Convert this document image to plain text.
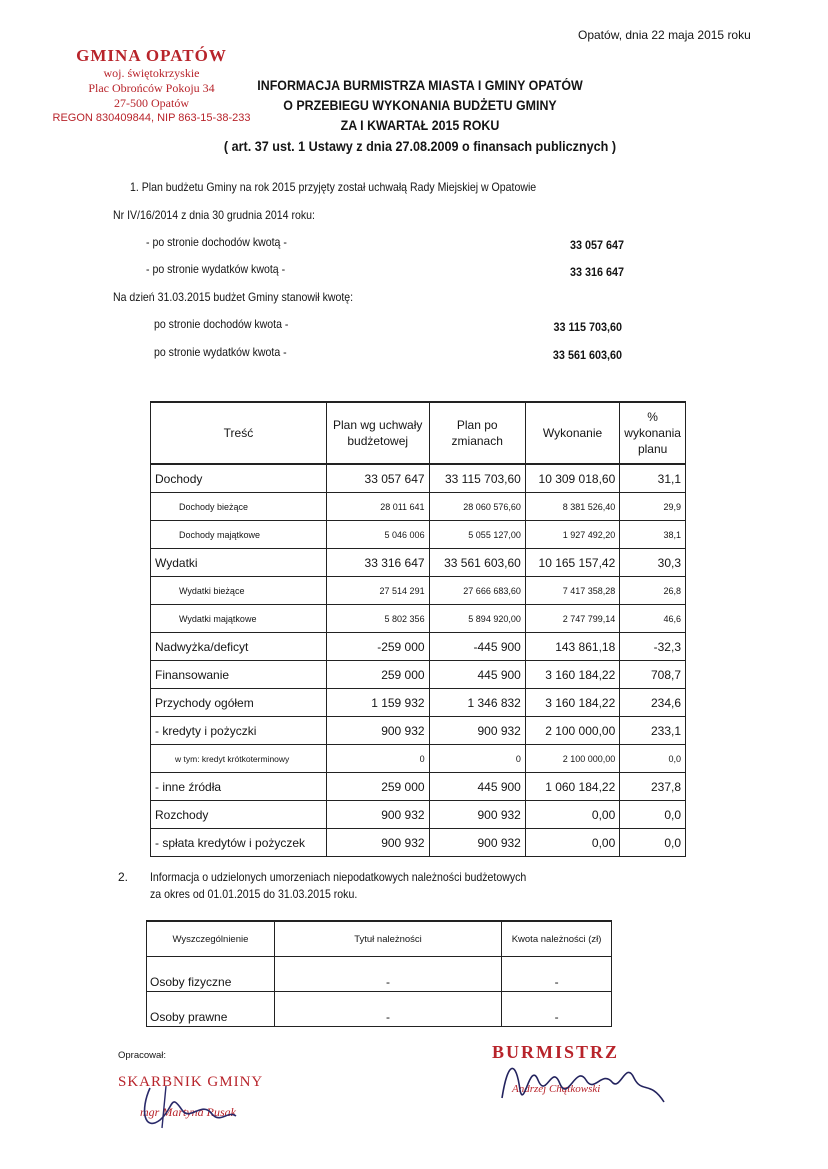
Opatów, dnia 22 maja 2015 roku
GMINA OPATÓW
woj. świętokrzyskie
Plac Obrońców Pokoju 34
27-500 Opatów
REGON 830409844, NIP 863-15-38-233
INFORMACJA BURMISTRZA MIASTA I GMINY OPATÓW
O PRZEBIEGU WYKONANIA BUDŻETU GMINY
ZA I KWARTAŁ 2015 ROKU
( art. 37 ust. 1 Ustawy z dnia 27.08.2009 o finansach publicznych )
1. Plan budżetu Gminy na rok 2015 przyjęty został uchwałą Rady Miejskiej w Opatowie
Nr IV/16/2014 z dnia 30 grudnia 2014 roku:
- po stronie dochodów kwotą -	33 057 647
- po stronie wydatków kwotą -	33 316 647
Na dzień 31.03.2015 budżet Gminy stanowił kwotę:
po stronie dochodów kwota -	33 115 703,60
po stronie wydatków kwota -	33 561 603,60
Treść	Plan wg uchwały budżetowej	Plan po zmianach	Wykonanie	% wykonania planu
Dochody	33 057 647	33 115 703,60	10 309 018,60	31,1
Dochody bieżące	28 011 641	28 060 576,60	8 381 526,40	29,9
Dochody majątkowe	5 046 006	5 055 127,00	1 927 492,20	38,1
Wydatki	33 316 647	33 561 603,60	10 165 157,42	30,3
Wydatki bieżące	27 514 291	27 666 683,60	7 417 358,28	26,8
Wydatki majątkowe	5 802 356	5 894 920,00	2 747 799,14	46,6
Nadwyżka/deficyt	-259 000	-445 900	143 861,18	-32,3
Finansowanie	259 000	445 900	3 160 184,22	708,7
Przychody ogółem	1 159 932	1 346 832	3 160 184,22	234,6
- kredyty i pożyczki	900 932	900 932	2 100 000,00	233,1
w tym: kredyt krótkoterminowy	0	0	2 100 000,00	0,0
- inne źródła	259 000	445 900	1 060 184,22	237,8
Rozchody	900 932	900 932	0,00	0,0
- spłata kredytów i pożyczek	900 932	900 932	0,00	0,0
2. Informacja o udzielonych umorzeniach niepodatkowych należności budżetowych
za okres od 01.01.2015 do 31.03.2015 roku.
Wyszczególnienie	Tytuł należności	Kwota należności (zł)
Osoby fizyczne	-	-
Osoby prawne	-	-
Opracował:
SKARBNIK GMINY
mgr Martyna Rusak
BURMISTRZ
Andrzej Chątkowski
